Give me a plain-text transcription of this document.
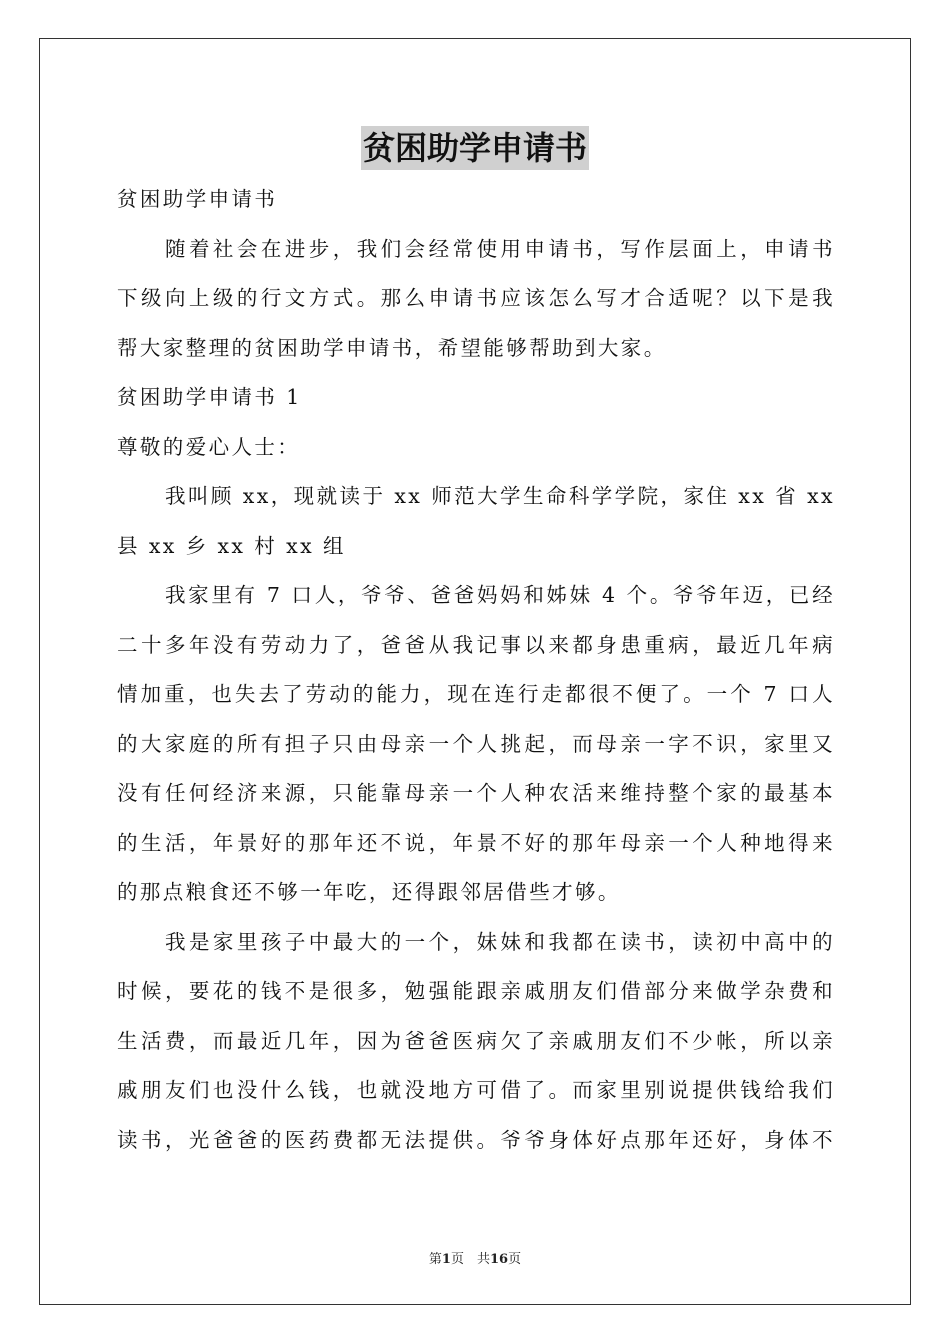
贫困助学申请书
贫困助学申请书
随着社会在进步，我们会经常使用申请书，写作层面上，申请书
下级向上级的行文方式。那么申请书应该怎么写才合适呢？以下是我
帮大家整理的贫困助学申请书，希望能够帮助到大家。
贫困助学申请书 1
尊敬的爱心人士：
我叫顾 xx，现就读于 xx 师范大学生命科学学院，家住 xx 省 xx
县 xx 乡 xx 村 xx 组
我家里有 7 口人，爷爷、爸爸妈妈和姊妹 4 个。爷爷年迈，已经
二十多年没有劳动力了，爸爸从我记事以来都身患重病，最近几年病
情加重，也失去了劳动的能力，现在连行走都很不便了。一个 7 口人
的大家庭的所有担子只由母亲一个人挑起，而母亲一字不识，家里又
没有任何经济来源，只能靠母亲一个人种农活来维持整个家的最基本
的生活，年景好的那年还不说，年景不好的那年母亲一个人种地得来
的那点粮食还不够一年吃，还得跟邻居借些才够。
我是家里孩子中最大的一个，妹妹和我都在读书，读初中高中的
时候，要花的钱不是很多，勉强能跟亲戚朋友们借部分来做学杂费和
生活费，而最近几年，因为爸爸医病欠了亲戚朋友们不少帐，所以亲
戚朋友们也没什么钱，也就没地方可借了。而家里别说提供钱给我们
读书，光爸爸的医药费都无法提供。爷爷身体好点那年还好，身体不
第1页　共16页
